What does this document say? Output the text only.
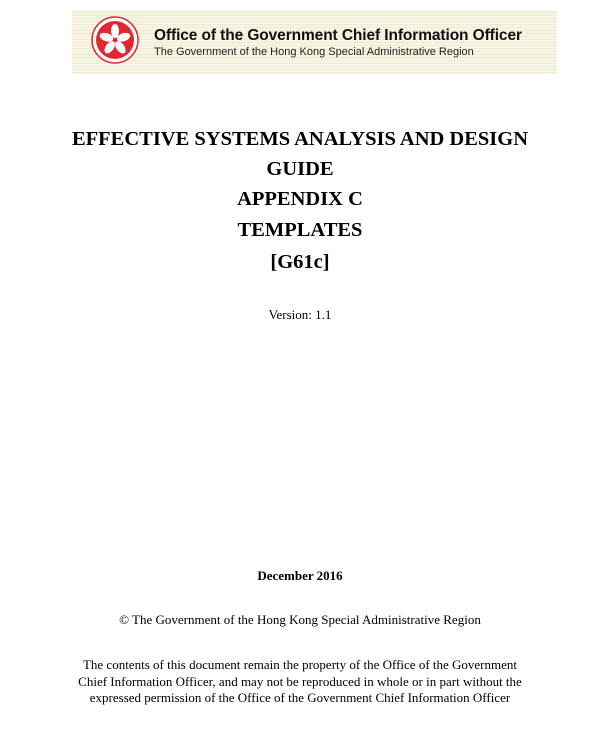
Office of the Government Chief Information Officer
The Government of the Hong Kong Special Administrative Region
EFFECTIVE SYSTEMS ANALYSIS AND DESIGN
GUIDE
APPENDIX C
TEMPLATES
[G61c]
Version: 1.1
December 2016
© The Government of the Hong Kong Special Administrative Region
The contents of this document remain the property of the Office of the Government
Chief Information Officer, and may not be reproduced in whole or in part without the
expressed permission of the Office of the Government Chief Information Officer
